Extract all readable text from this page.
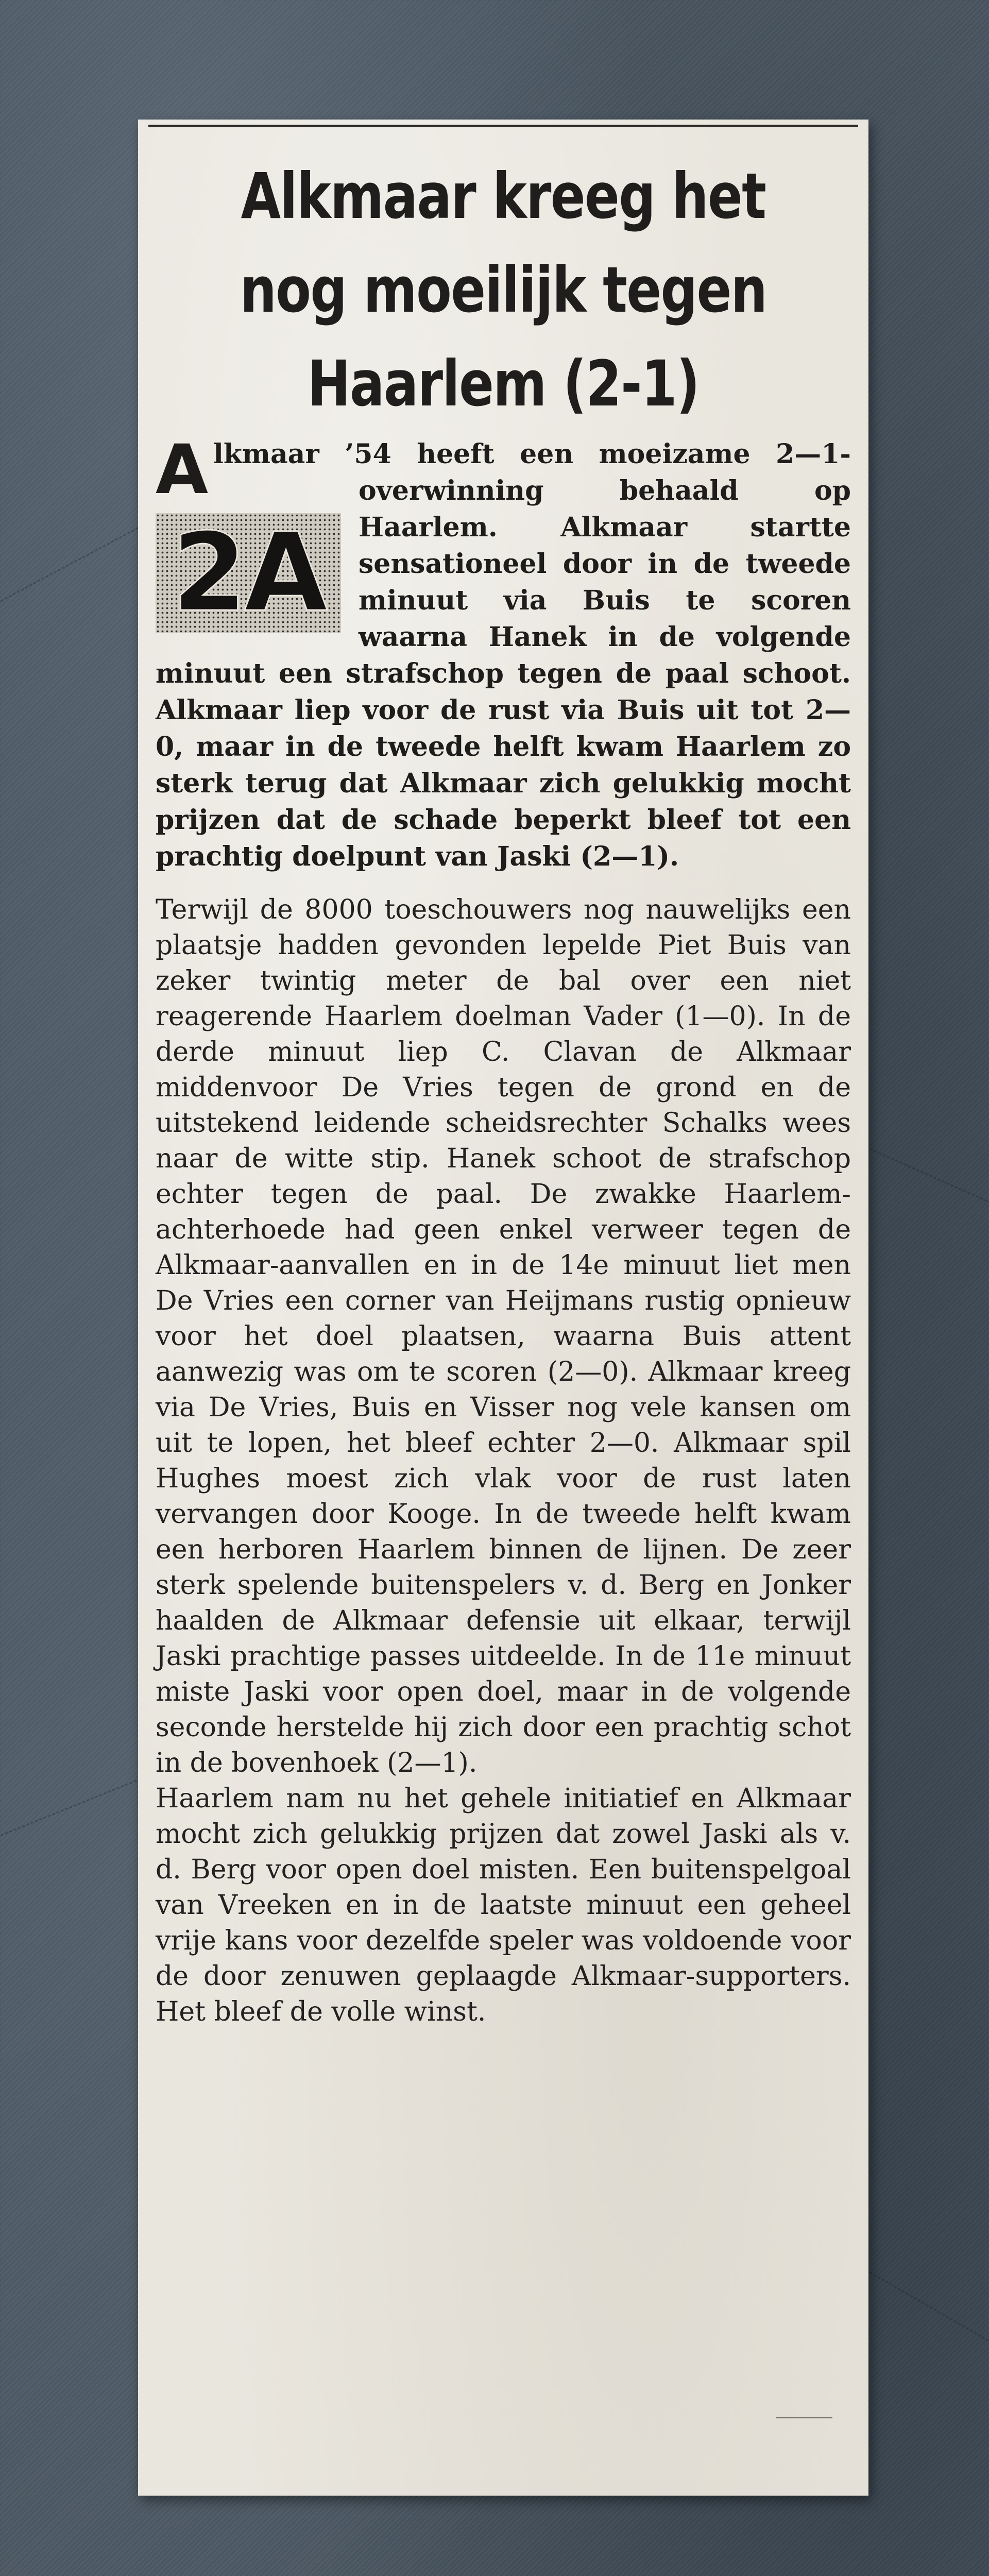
Alkmaar kreeg het nog moeilijk tegen Haarlem (2-1)
A
2A
lkmaar ’54 heeft een moeizame 2—1-overwinning behaald op Haarlem. Alkmaar startte sensationeel door in de tweede minuut via Buis te scoren waarna Hanek in de volgende minuut een strafschop tegen de paal schoot. Alkmaar liep voor de rust via Buis uit tot 2—0, maar in de tweede helft kwam Haarlem zo sterk terug dat Alkmaar zich gelukkig mocht prijzen dat de schade beperkt bleef tot een prachtig doelpunt van Jaski (2—1).

Terwijl de 8000 toeschouwers nog nauwelijks een plaatsje hadden gevonden lepelde Piet Buis van zeker twintig meter de bal over een niet reagerende Haarlem doelman Vader (1—0). In de derde minuut liep C. Clavan de Alkmaar middenvoor De Vries tegen de grond en de uitstekend leidende scheidsrechter Schalks wees naar de witte stip. Hanek schoot de strafschop echter tegen de paal. De zwakke Haarlem-achterhoede had geen enkel verweer tegen de Alkmaar-aanvallen en in de 14e minuut liet men De Vries een corner van Heijmans rustig opnieuw voor het doel plaatsen, waarna Buis attent aanwezig was om te scoren (2—0). Alkmaar kreeg via De Vries, Buis en Visser nog vele kansen om uit te lopen, het bleef echter 2—0. Alkmaar spil Hughes moest zich vlak voor de rust laten vervangen door Kooge. In de tweede helft kwam een herboren Haarlem binnen de lijnen. De zeer sterk spelende buitenspelers v. d. Berg en Jonker haalden de Alkmaar defensie uit elkaar, terwijl Jaski prachtige passes uitdeelde. In de 11e minuut miste Jaski voor open doel, maar in de volgende seconde herstelde hij zich door een prachtig schot in de bovenhoek (2—1).

Haarlem nam nu het gehele initiatief en Alkmaar mocht zich gelukkig prijzen dat zowel Jaski als v. d. Berg voor open doel misten. Een buitenspelgoal van Vreeken en in de laatste minuut een geheel vrije kans voor dezelfde speler was voldoende voor de door zenuwen geplaagde Alkmaar-supporters. Het bleef de volle winst.
